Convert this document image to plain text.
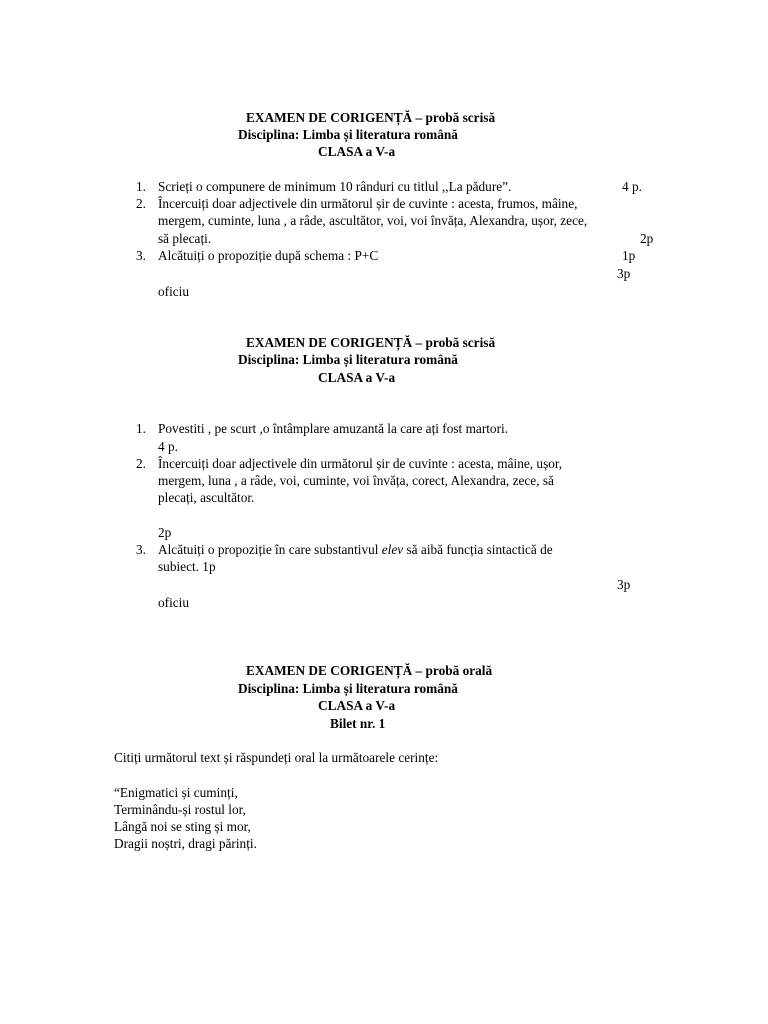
EXAMEN DE CORIGENȚĂ – probă scrisă
Disciplina: Limba și literatura română
CLASA a V-a
1. Scrieți o compunere de minimum 10 rânduri cu titlul ,,La pădure”.	4 p.
2. Încercuiți doar adjectivele din următorul șir de cuvinte : acesta, frumos, mâine,
mergem, cuminte, luna , a râde, ascultător, voi, voi învăța, Alexandra, ușor, zece,
să plecați.	2p
3. Alcătuiți o propoziție după schema : P+C	1p
3p
oficiu
EXAMEN DE CORIGENȚĂ – probă scrisă
Disciplina: Limba și literatura română
CLASA a V-a
1. Povestiti , pe scurt ,o întâmplare amuzantă la care ați fost martori.
4 p.
2. Încercuiți doar adjectivele din următorul șir de cuvinte : acesta, mâine, ușor,
mergem, luna , a râde, voi, cuminte, voi învăța, corect, Alexandra, zece, să
plecați, ascultător.
2p
3. Alcătuiți o propoziție în care substantivul elev să aibă funcția sintactică de
subiect. 1p
3p
oficiu
EXAMEN DE CORIGENȚĂ – probă orală
Disciplina: Limba și literatura română
CLASA a V-a
Bilet nr. 1
Citiți următorul text și răspundeți oral la următoarele cerințe:
“Enigmatici și cuminți,
Terminându-și rostul lor,
Lângă noi se sting și mor,
Dragii noștri, dragi părinți.
